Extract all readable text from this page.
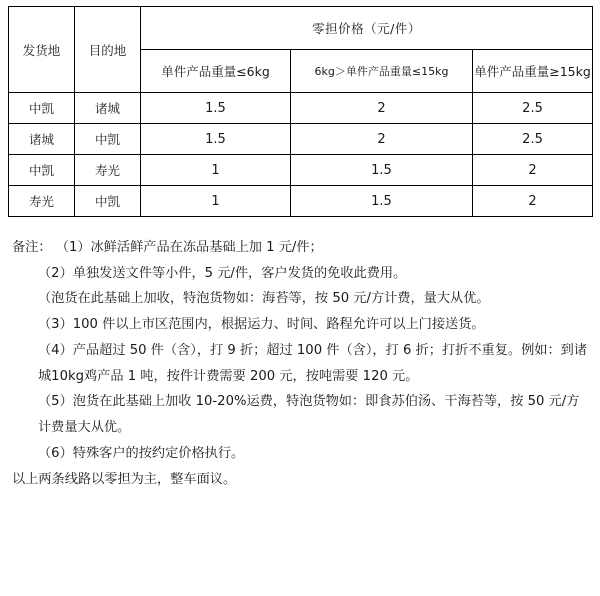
发货地	目的地	零担价格（元/件）		
		单件产品重量≤6kg	6kg＞单件产品重量≤15kg	单件产品重量≥15kg
中凯	诸城	1.5	2	2.5
诸城	中凯	1.5	2	2.5
中凯	寿光	1	1.5	2
寿光	中凯	1	1.5	2

备注： （1）冰鲜活鲜产品在冻品基础上加 1 元/件；

（2）单独发送文件等小件，5 元/件，客户发货的免收此费用。

（泡货在此基础上加收，特泡货物如：海苔等，按 50 元/方计费，量大从优。

（3）100 件以上市区范围内，根据运力、时间、路程允许可以上门接送货。

（4）产品超过 50 件（含），打 9 折；超过 100 件（含），打 6 折；打折不重复。例如：到诸城10kg鸡产品 1 吨，按件计费需要 200 元，按吨需要 120 元。

（5）泡货在此基础上加收 10-20%运费，特泡货物如：即食苏伯汤、干海苔等，按 50 元/方计费量大从优。

（6）特殊客户的按约定价格执行。

以上两条线路以零担为主，整车面议。
